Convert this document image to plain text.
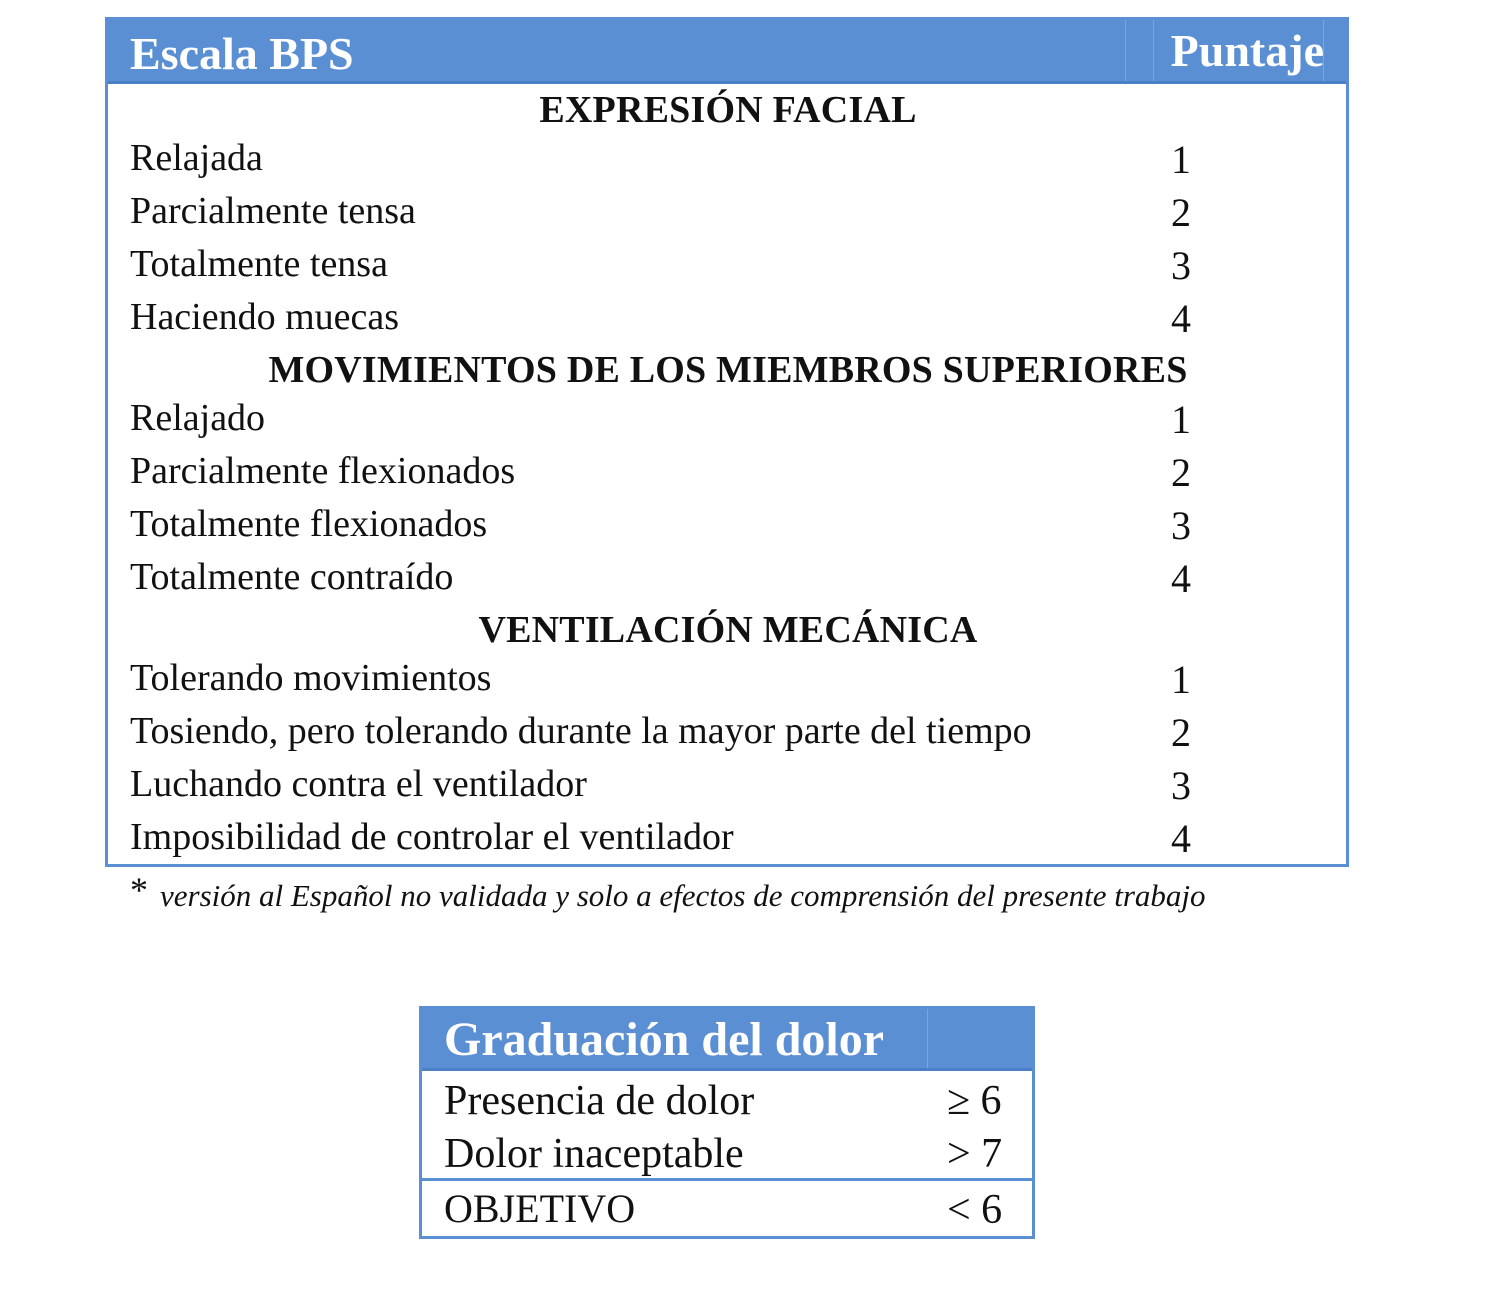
Escala BPS	Puntaje
EXPRESIÓN FACIAL
Relajada	1
Parcialmente tensa	2
Totalmente tensa	3
Haciendo muecas	4
MOVIMIENTOS DE LOS MIEMBROS SUPERIORES
Relajado	1
Parcialmente flexionados	2
Totalmente flexionados	3
Totalmente contraído	4
VENTILACIÓN MECÁNICA
Tolerando movimientos	1
Tosiendo, pero tolerando durante la mayor parte del tiempo	2
Luchando contra el ventilador	3
Imposibilidad de controlar el ventilador	4
* versión al Español no validada y solo a efectos de comprensión del presente trabajo
Graduación del dolor
Presencia de dolor	≥ 6
Dolor inaceptable	> 7
OBJETIVO	< 6
